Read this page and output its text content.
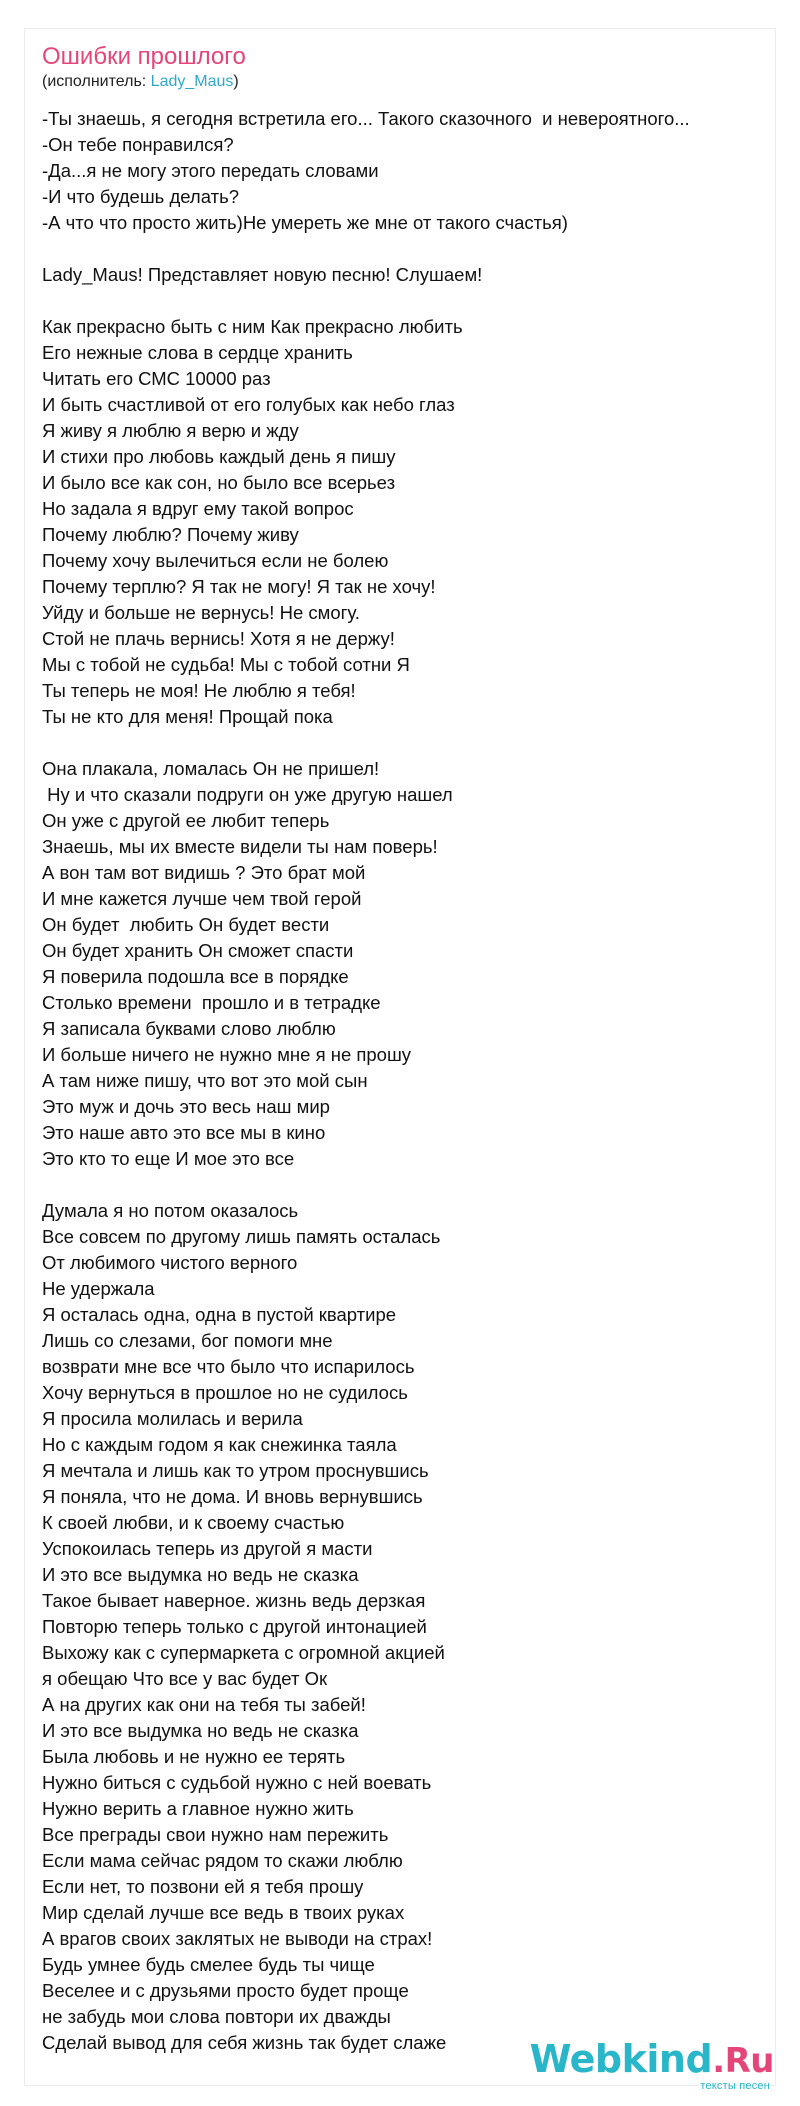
Ошибки прошлого
(исполнитель: Lady_Maus)
-Ты знаешь, я сегодня встретила его... Такого сказочного  и невероятного...
-Он тебе понравился?
-Да...я не могу этого передать словами
-И что будешь делать?
-А что что просто жить)Не умереть же мне от такого счастья)
Lady_Maus! Представляет новую песню! Слушаем!
Как прекрасно быть с ним Как прекрасно любить
Его нежные слова в сердце хранить
Читать его СМС 10000 раз
И быть счастливой от его голубых как небо глаз
Я живу я люблю я верю и жду
И стихи про любовь каждый день я пишу
И было все как сон, но было все всерьез
Но задала я вдруг ему такой вопрос
Почему люблю? Почему живу
Почему хочу вылечиться если не болею
Почему терплю? Я так не могу! Я так не хочу!
Уйду и больше не вернусь! Не смогу.
Стой не плачь вернись! Хотя я не держу!
Мы с тобой не судьба! Мы с тобой сотни Я
Ты теперь не моя! Не люблю я тебя!
Ты не кто для меня! Прощай пока
Она плакала, ломалась Он не пришел!
Ну и что сказали подруги он уже другую нашел
Он уже с другой ее любит теперь
Знаешь, мы их вместе видели ты нам поверь!
А вон там вот видишь ? Это брат мой
И мне кажется лучше чем твой герой
Он будет  любить Он будет вести
Он будет хранить Он сможет спасти
Я поверила подошла все в порядке
Столько времени  прошло и в тетрадке
Я записала буквами слово люблю
И больше ничего не нужно мне я не прошу
А там ниже пишу, что вот это мой сын
Это муж и дочь это весь наш мир
Это наше авто это все мы в кино
Это кто то еще И мое это все
Думала я но потом оказалось
Все совсем по другому лишь память осталась
От любимого чистого верного
Не удержала
Я осталась одна, одна в пустой квартире
Лишь со слезами, бог помоги мне
возврати мне все что было что испарилось
Хочу вернуться в прошлое но не судилось
Я просила молилась и верила
Но с каждым годом я как снежинка таяла
Я мечтала и лишь как то утром проснувшись
Я поняла, что не дома. И вновь вернувшись
К своей любви, и к своему счастью
Успокоилась теперь из другой я масти
И это все выдумка но ведь не сказка
Такое бывает наверное. жизнь ведь дерзкая
Повторю теперь только с другой интонацией
Выхожу как с супермаркета с огромной акцией
я обещаю Что все у вас будет Ок
А на других как они на тебя ты забей!
И это все выдумка но ведь не сказка
Была любовь и не нужно ее терять
Нужно биться с судьбой нужно с ней воевать
Нужно верить а главное нужно жить
Все преграды свои нужно нам пережить
Если мама сейчас рядом то скажи люблю
Если нет, то позвони ей я тебя прошу
Мир сделай лучше все ведь в твоих руках
А врагов своих заклятых не выводи на страх!
Будь умнее будь смелее будь ты чище
Веселее и с друзьями просто будет проще
не забудь мои слова повтори их дважды
Сделай вывод для себя жизнь так будет слаже	Webkind.Ru
тексты песен
